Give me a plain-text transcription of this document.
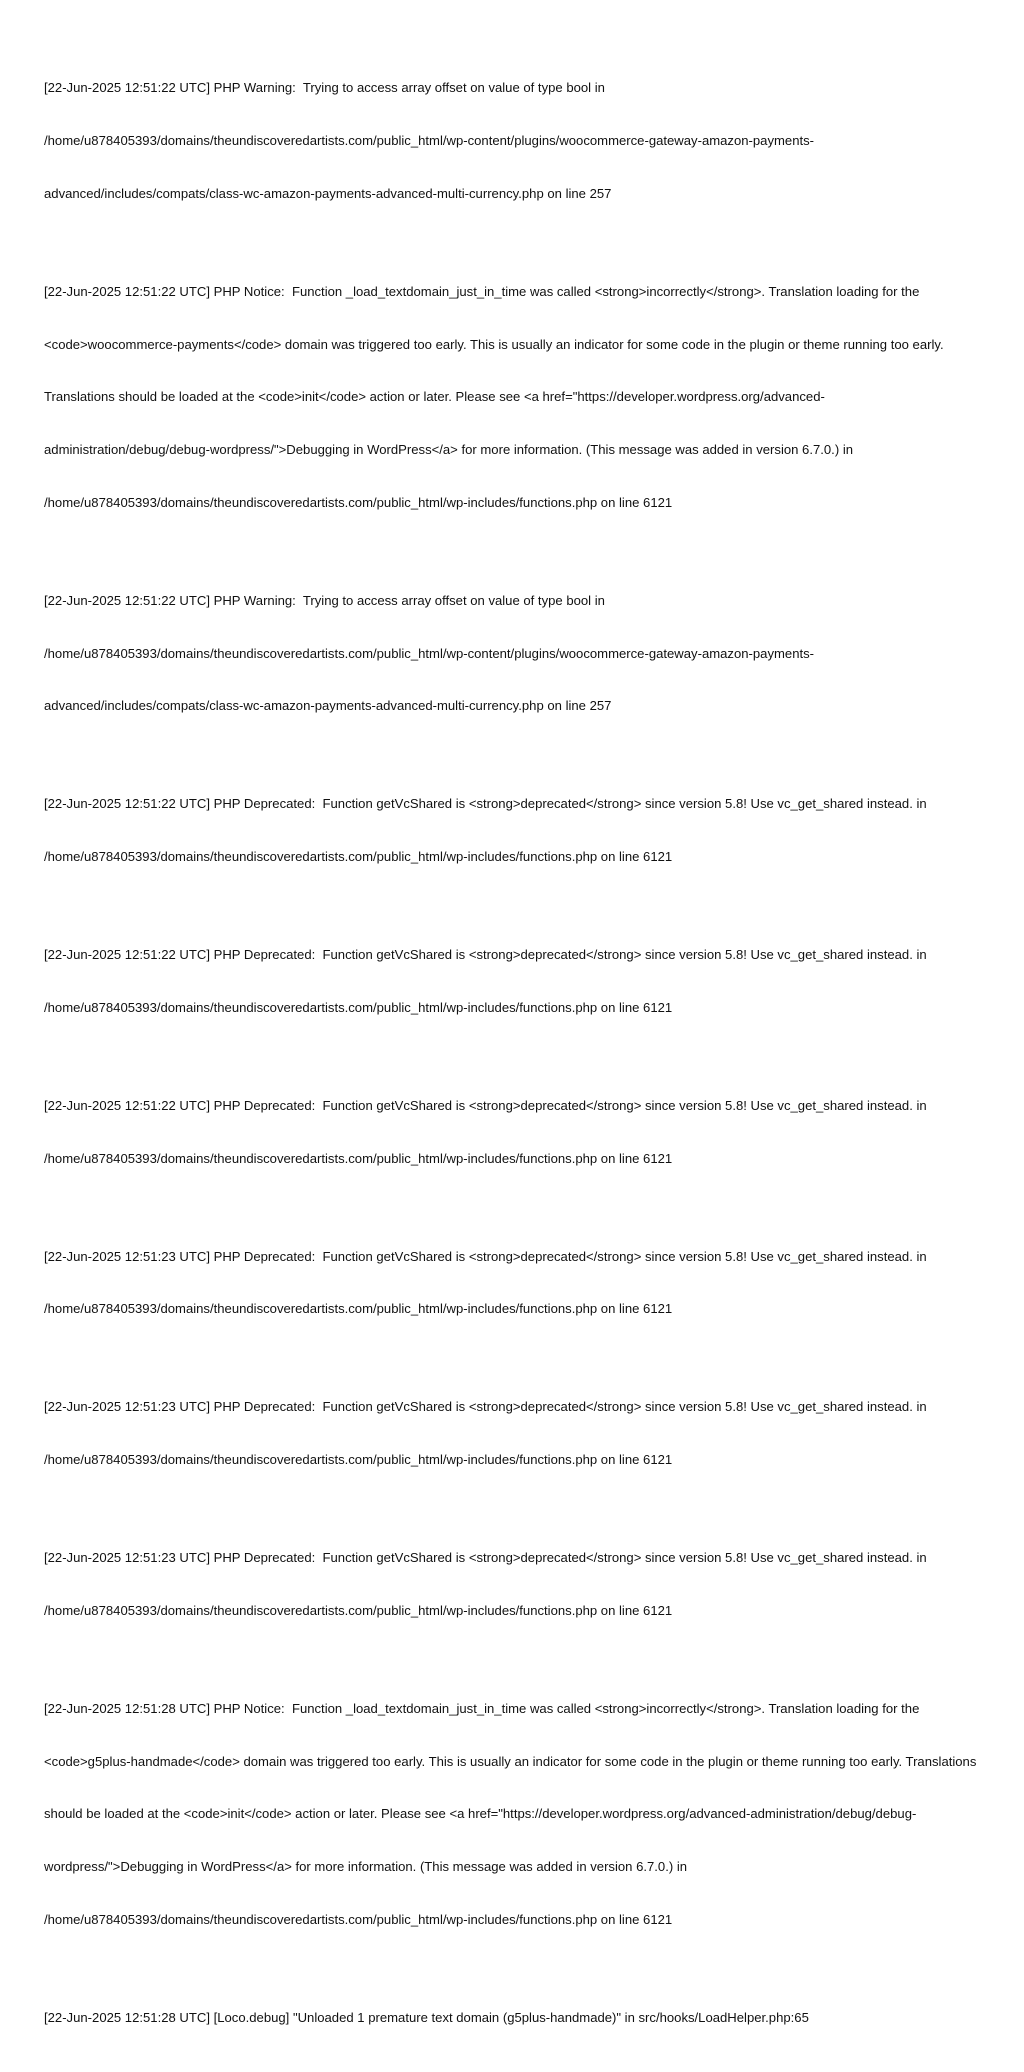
[22-Jun-2025 12:51:22 UTC] PHP Warning:  Trying to access array offset on value of type bool in

/home/u878405393/domains/theundiscoveredartists.com/public_html/wp-content/plugins/woocommerce-gateway-amazon-payments-

advanced/includes/compats/class-wc-amazon-payments-advanced-multi-currency.php on line 257

[22-Jun-2025 12:51:22 UTC] PHP Notice:  Function _load_textdomain_just_in_time was called <strong>incorrectly</strong>. Translation loading for the

<code>woocommerce-payments</code> domain was triggered too early. This is usually an indicator for some code in the plugin or theme running too early.

Translations should be loaded at the <code>init</code> action or later. Please see <a href="https://developer.wordpress.org/advanced-

administration/debug/debug-wordpress/">Debugging in WordPress</a> for more information. (This message was added in version 6.7.0.) in

/home/u878405393/domains/theundiscoveredartists.com/public_html/wp-includes/functions.php on line 6121

[22-Jun-2025 12:51:22 UTC] PHP Warning:  Trying to access array offset on value of type bool in

/home/u878405393/domains/theundiscoveredartists.com/public_html/wp-content/plugins/woocommerce-gateway-amazon-payments-

advanced/includes/compats/class-wc-amazon-payments-advanced-multi-currency.php on line 257

[22-Jun-2025 12:51:22 UTC] PHP Deprecated:  Function getVcShared is <strong>deprecated</strong> since version 5.8! Use vc_get_shared instead. in

/home/u878405393/domains/theundiscoveredartists.com/public_html/wp-includes/functions.php on line 6121

[22-Jun-2025 12:51:22 UTC] PHP Deprecated:  Function getVcShared is <strong>deprecated</strong> since version 5.8! Use vc_get_shared instead. in

/home/u878405393/domains/theundiscoveredartists.com/public_html/wp-includes/functions.php on line 6121

[22-Jun-2025 12:51:22 UTC] PHP Deprecated:  Function getVcShared is <strong>deprecated</strong> since version 5.8! Use vc_get_shared instead. in

/home/u878405393/domains/theundiscoveredartists.com/public_html/wp-includes/functions.php on line 6121

[22-Jun-2025 12:51:23 UTC] PHP Deprecated:  Function getVcShared is <strong>deprecated</strong> since version 5.8! Use vc_get_shared instead. in

/home/u878405393/domains/theundiscoveredartists.com/public_html/wp-includes/functions.php on line 6121

[22-Jun-2025 12:51:23 UTC] PHP Deprecated:  Function getVcShared is <strong>deprecated</strong> since version 5.8! Use vc_get_shared instead. in

/home/u878405393/domains/theundiscoveredartists.com/public_html/wp-includes/functions.php on line 6121

[22-Jun-2025 12:51:23 UTC] PHP Deprecated:  Function getVcShared is <strong>deprecated</strong> since version 5.8! Use vc_get_shared instead. in

/home/u878405393/domains/theundiscoveredartists.com/public_html/wp-includes/functions.php on line 6121

[22-Jun-2025 12:51:28 UTC] PHP Notice:  Function _load_textdomain_just_in_time was called <strong>incorrectly</strong>. Translation loading for the

<code>g5plus-handmade</code> domain was triggered too early. This is usually an indicator for some code in the plugin or theme running too early. Translations

should be loaded at the <code>init</code> action or later. Please see <a href="https://developer.wordpress.org/advanced-administration/debug/debug-

wordpress/">Debugging in WordPress</a> for more information. (This message was added in version 6.7.0.) in

/home/u878405393/domains/theundiscoveredartists.com/public_html/wp-includes/functions.php on line 6121

[22-Jun-2025 12:51:28 UTC] [Loco.debug] "Unloaded 1 premature text domain (g5plus-handmade)" in src/hooks/LoadHelper.php:65
